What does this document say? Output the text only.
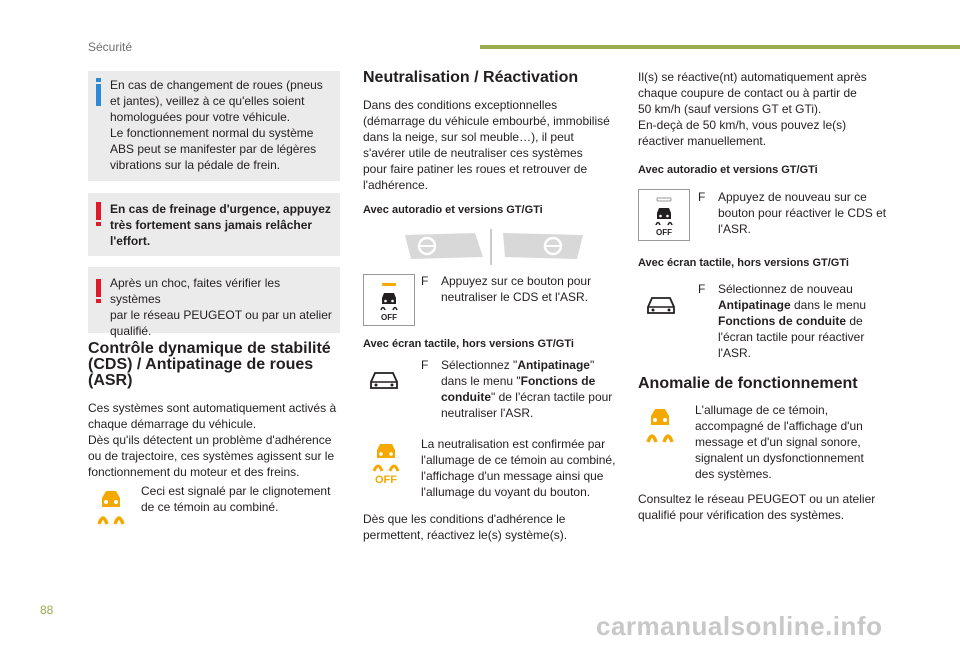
Sécurité
En cas de changement de roues (pneus
et jantes), veillez à ce qu'elles soient
homologuées pour votre véhicule.
Le fonctionnement normal du système
ABS peut se manifester par de légères
vibrations sur la pédale de frein.
En cas de freinage d'urgence, appuyez
très fortement sans jamais relâcher
l'effort.
Après un choc, faites vérifier les systèmes
par le réseau PEUGEOT ou par un atelier
qualifié.
Contrôle dynamique de stabilité
(CDS) / Antipatinage de roues
(ASR)
Ces systèmes sont automatiquement activés à
chaque démarrage du véhicule.
Dès qu'ils détectent un problème d'adhérence
ou de trajectoire, ces systèmes agissent sur le
fonctionnement du moteur et des freins.
Ceci est signalé par le clignotement
de ce témoin au combiné.
Neutralisation / Réactivation
Dans des conditions exceptionnelles
(démarrage du véhicule embourbé, immobilisé
dans la neige, sur sol meuble…), il peut
s'avérer utile de neutraliser ces systèmes
pour faire patiner les roues et retrouver de
l'adhérence.
Avec autoradio et versions GT/GTi
OFF
F Appuyez sur ce bouton pour
neutraliser le CDS et l'ASR.
Avec écran tactile, hors versions GT/GTi
F Sélectionnez "Antipatinage"
dans le menu "Fonctions de
conduite" de l'écran tactile pour
neutraliser l'ASR.
OFF
La neutralisation est confirmée par
l'allumage de ce témoin au combiné,
l'affichage d'un message ainsi que
l'allumage du voyant du bouton.
Dès que les conditions d'adhérence le
permettent, réactivez le(s) système(s).
Il(s) se réactive(nt) automatiquement après
chaque coupure de contact ou à partir de
50 km/h (sauf versions GT et GTi).
En-deçà de 50 km/h, vous pouvez le(s)
réactiver manuellement.
Avec autoradio et versions GT/GTi
OFF
F Appuyez de nouveau sur ce
bouton pour réactiver le CDS et
l'ASR.
Avec écran tactile, hors versions GT/GTi
F Sélectionnez de nouveau
Antipatinage dans le menu
Fonctions de conduite de
l'écran tactile pour réactiver
l'ASR.
Anomalie de fonctionnement
L'allumage de ce témoin,
accompagné de l'affichage d'un
message et d'un signal sonore,
signalent un dysfonctionnement
des systèmes.
Consultez le réseau PEUGEOT ou un atelier
qualifié pour vérification des systèmes.
88
carmanualsonline.info
